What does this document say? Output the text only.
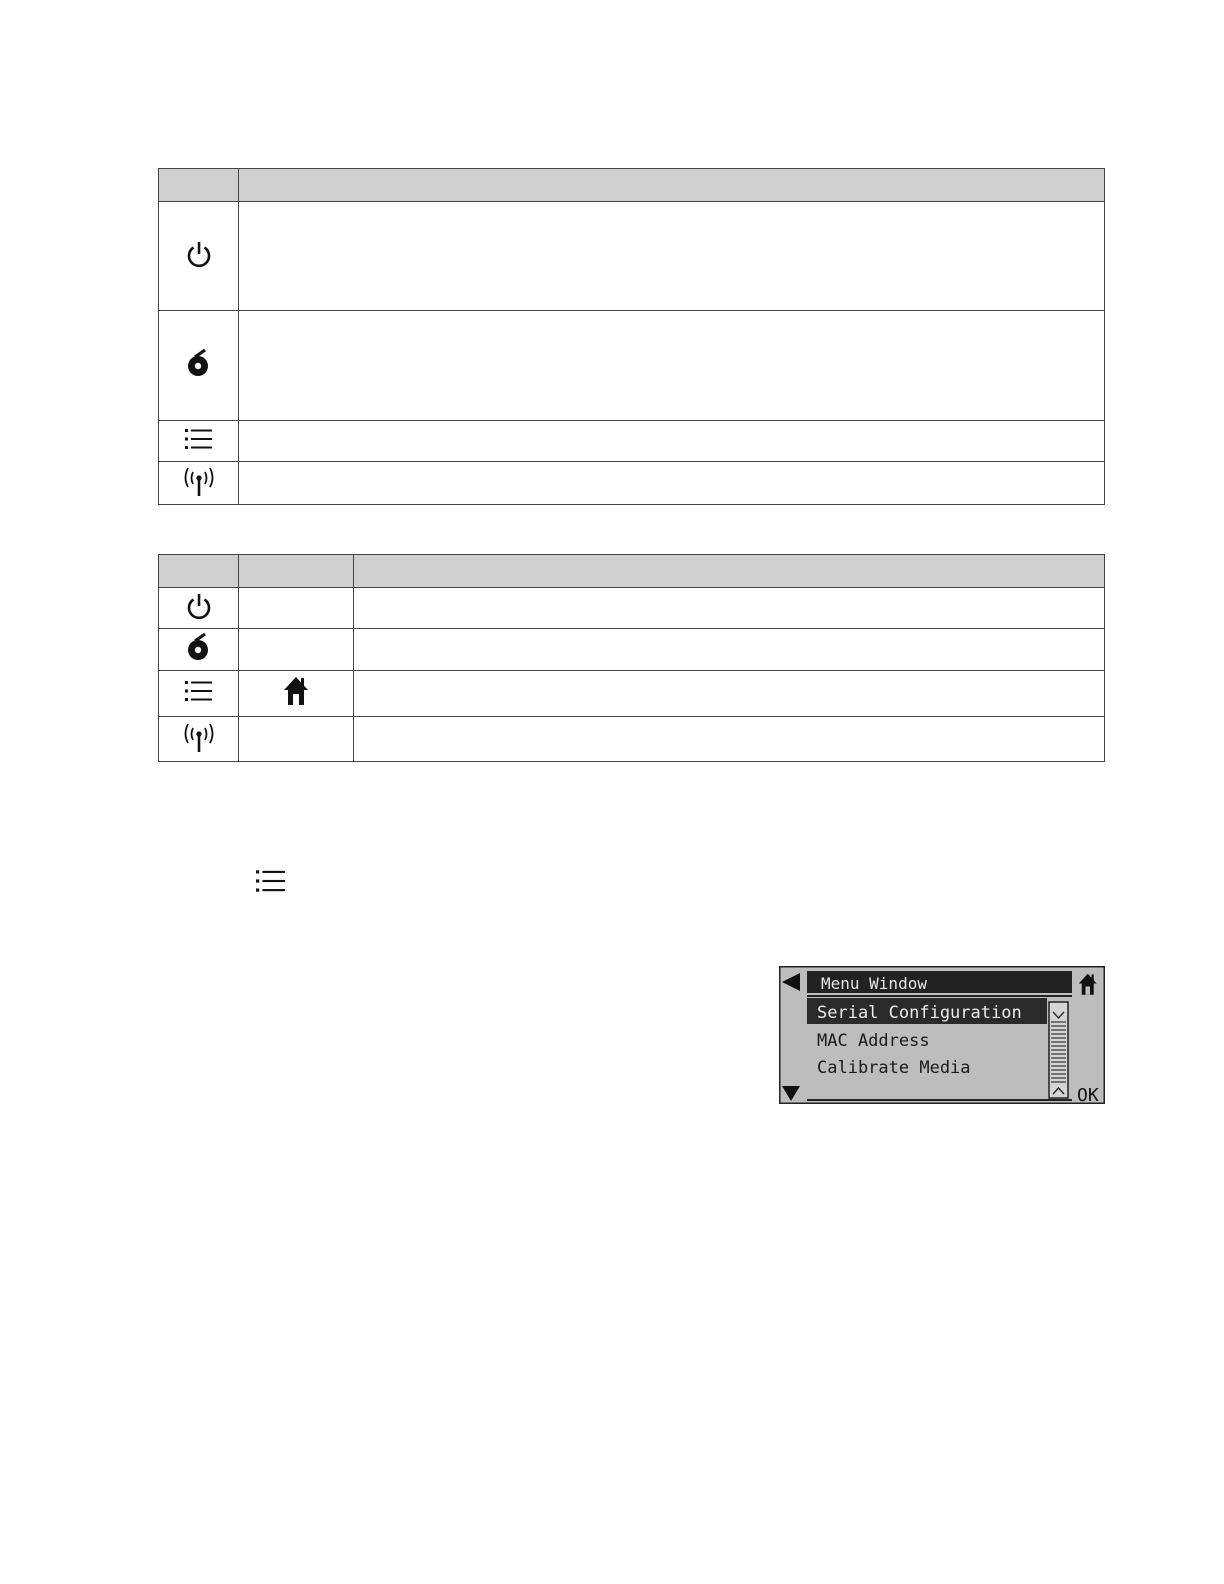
Menu Window
Serial Configuration
MAC Address
Calibrate Media
OK
